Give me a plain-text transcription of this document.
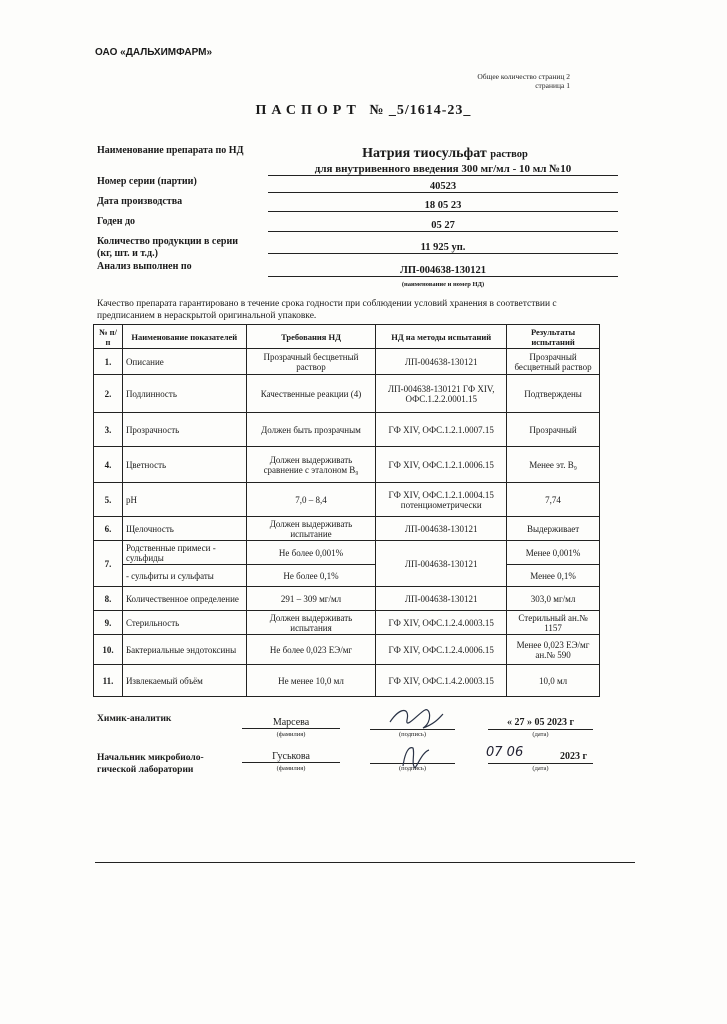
ОАО «ДАЛЬХИМФАРМ»
Общее количество страниц 2
страница 1
ПАСПОРТ № _5/1614-23_
Наименование препарата по НД	Натрия тиосульфат раствор
для внутривенного введения 300 мг/мл - 10 мл №10
Номер серии (партии)	40523
Дата производства	18 05 23
Годен до	05 27
Количество продукции в серии
(кг, шт. и т.д.)
11 925 уп.
Анализ выполнен по	ЛП-004638-130121
(наименование и номер НД)
Качество препарата гарантировано в течение срока годности при соблюдении условий хранения в соответствии с предписанием в нераскрытой оригинальной упаковке.
№ п/п	Наименование показателей	Требования НД	НД на методы испытаний	Результаты испытаний
1.	Описание	Прозрачный бесцветный раствор	ЛП-004638-130121	Прозрачный бесцветный раствор
2.	Подлинность	Качественные реакции (4)	ЛП-004638-130121 ГФ XIV, ОФС.1.2.2.0001.15	Подтверждены
3.	Прозрачность	Должен быть прозрачным	ГФ XIV, ОФС.1.2.1.0007.15	Прозрачный
4.	Цветность	Должен выдерживать сравнение с эталоном В₉	ГФ XIV, ОФС.1.2.1.0006.15	Менее эт. В₉
5.	pH	7,0 – 8,4	ГФ XIV, ОФС.1.2.1.0004.15 потенциометрически	7,74
6.	Щелочность	Должен выдерживать испытание	ЛП-004638-130121	Выдерживает
7.	Родственные примеси - сульфиды	Не более 0,001%	ЛП-004638-130121	Менее 0,001%
	- сульфиты и сульфаты	Не более 0,1%		Менее 0,1%
8.	Количественное определение	291 – 309 мг/мл	ЛП-004638-130121	303,0 мг/мл
9.	Стерильность	Должен выдерживать испытания	ГФ XIV, ОФС.1.2.4.0003.15	Стерильный ан.№ 1157
10.	Бактериальные эндотоксины	Не более 0,023 ЕЭ/мг	ГФ XIV, ОФС.1.2.4.0006.15	Менее 0,023 ЕЭ/мг ан.№ 590
11.	Извлекаемый объём	Не менее 10,0 мл	ГФ XIV, ОФС.1.4.2.0003.15	10,0 мл
Химик-аналитик	Марсева
(фамилия)	(подпись)
« 27 » 05 2023 г
(дата)
Начальник микробиоло-
гической лаборатории
Гуськова
(фамилия)	(подпись)
07 06	2023 г
(дата)
